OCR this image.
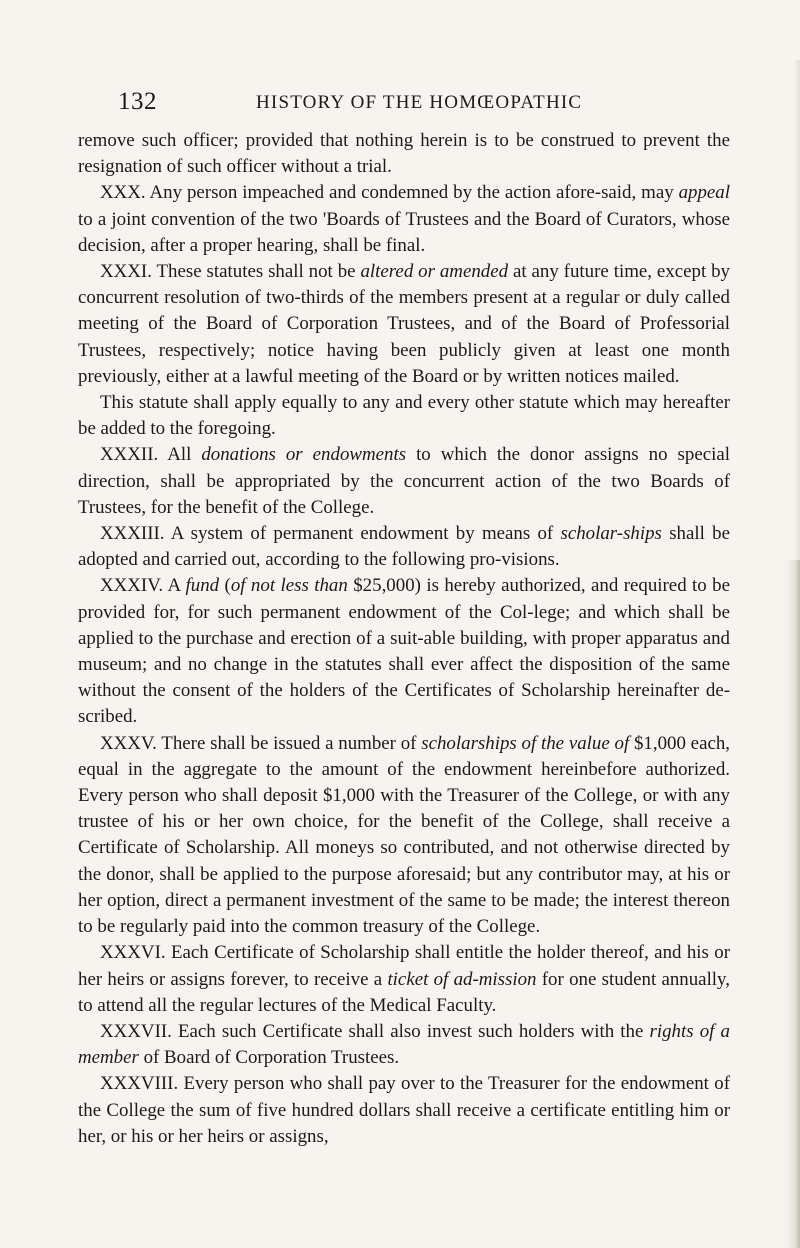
132	HISTORY OF THE HOMŒOPATHIC

remove such officer; provided that nothing herein is to be construed to prevent the resignation of such officer without a trial.

XXX. Any person impeached and condemned by the action afore-said, may appeal to a joint convention of the two 'Boards of Trustees and the Board of Curators, whose decision, after a proper hearing, shall be final.

XXXI. These statutes shall not be altered or amended at any future time, except by concurrent resolution of two-thirds of the members present at a regular or duly called meeting of the Board of Corporation Trustees, and of the Board of Professorial Trustees, respectively; notice having been publicly given at least one month previously, either at a lawful meeting of the Board or by written notices mailed.

This statute shall apply equally to any and every other statute which may hereafter be added to the foregoing.

XXXII. All donations or endowments to which the donor assigns no special direction, shall be appropriated by the concurrent action of the two Boards of Trustees, for the benefit of the College.

XXXIII. A system of permanent endowment by means of scholar-ships shall be adopted and carried out, according to the following pro-visions.

XXXIV. A fund (of not less than $25,000) is hereby authorized, and required to be provided for, for such permanent endowment of the Col-lege; and which shall be applied to the purchase and erection of a suit-able building, with proper apparatus and museum; and no change in the statutes shall ever affect the disposition of the same without the consent of the holders of the Certificates of Scholarship hereinafter de-scribed.

XXXV. There shall be issued a number of scholarships of the value of $1,000 each, equal in the aggregate to the amount of the endowment hereinbefore authorized. Every person who shall deposit $1,000 with the Treasurer of the College, or with any trustee of his or her own choice, for the benefit of the College, shall receive a Certificate of Scholarship. All moneys so contributed, and not otherwise directed by the donor, shall be applied to the purpose aforesaid; but any contributor may, at his or her option, direct a permanent investment of the same to be made; the interest thereon to be regularly paid into the common treasury of the College.

XXXVI. Each Certificate of Scholarship shall entitle the holder thereof, and his or her heirs or assigns forever, to receive a ticket of ad-mission for one student annually, to attend all the regular lectures of the Medical Faculty.

XXXVII. Each such Certificate shall also invest such holders with the rights of a member of Board of Corporation Trustees.

XXXVIII. Every person who shall pay over to the Treasurer for the endowment of the College the sum of five hundred dollars shall receive a certificate entitling him or her, or his or her heirs or assigns,
